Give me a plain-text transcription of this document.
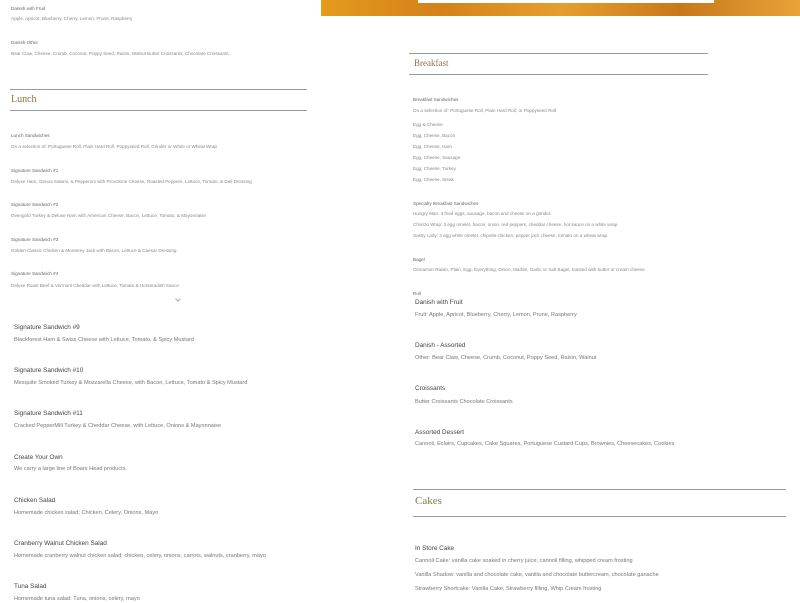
Danish with Fruit
Apple, Apricot, Blueberry, Cherry, Lemon, Prune, Raspberry
Danish Other
Bear Claw, Cheese, Crumb, Coconut, Poppy Seed, Raisin, Walnut Butter Croissants, Chocolate Croissants
Lunch
Lunch Sandwiches
On a selection of: Portuguese Roll, Plain Hard Roll, Poppyseed Roll, Grinder or White or Wheat Wrap
Signature Sandwich #1
Deluxe Ham, Genoa Salami, & Pepperoni with Provolone Cheese, Roasted Peppers, Lettuce, Tomato, & Deli Dressing
Signature Sandwich #2
Ovengold Turkey & Deluxe Ham with American Cheese, Bacon, Lettuce, Tomato, & Mayonnaise
Signature Sandwich #3
Golden Classic Chicken & Monterey Jack with Bacon, Lettuce & Caesar Dressing
Signature Sandwich #4
Deluxe Roast Beef & Vermont Cheddar with Lettuce, Tomato & Horseradish Sauce
Signature Sandwich #9
Blackforest Ham & Swiss Cheese with Lettuce, Tomato, & Spicy Mustard
Signature Sandwich #10
Mesquite Smoked Turkey & Mozzarella Cheese, with Bacon, Lettuce, Tomato & Spicy Mustard
Signature Sandwich #11
Cracked PepperMill Turkey & Cheddar Cheese, with Lettuce, Onions & Mayonnaise
Create Your Own
We carry a large line of Boars Head products.
Chicken Salad
Homemade chicken salad; Chicken, Celery, Onions, Mayo
Cranberry Walnut Chicken Salad
Homemade cranberry walnut chicken salad: chicken, celery, onions, carrots, walnuts, cranberry, mayo
Tuna Salad
Homemade tuna salad: Tuna, onions, celery, mayo
Breakfast
Breakfast Sandwiches
On a selection of: Portuguese Roll, Plain Hard Roll, or Poppyseed Roll
Egg & Cheese
Egg, Cheese, Bacon
Egg, Cheese, Ham
Egg, Cheese, Sausage
Egg, Cheese, Turkey
Egg, Cheese, Steak
Specialty Breakfast Sandwiches
Hungry Man: 3 fried eggs, sausage, bacon and cheese on a grinder.
Chorizo Wrap: 3 egg omelet, bacon, onion, red peppers, cheddar cheese, hot sauce on a white wrap.
Sassy Lady: 3 egg white omelet, chipotle chicken, pepper jack cheese, tomato on a wheat wrap.
Bagel
Cinnamon Raisin, Plain, Egg, Everything, Onion, Marble, Garlic or Salt Bagel, toasted with butter or cream cheese
Roll
Danish with Fruit
Fruit: Apple, Apricot, Blueberry, Cherry, Lemon, Prune, Raspberry
Danish - Assorted
Other: Bear Claw, Cheese, Crumb, Coconut, Poppy Seed, Raisin, Walnut
Croissants
Butter Croissants Chocolate Croissants
Assorted Dessert
Cannoli, Eclairs, Cupcakes, Cake Squares, Portuguese Custard Cups, Brownies, Cheesecakes, Cookies
Cakes
In Store Cake
Cannoli Cake: vanilla cake soaked in cherry juice, cannoli filling, whipped cream frosting
Vanilla Shadow: vanilla and chocolate cake, vanilla and chocolate buttercream, chocolate ganache
Strawberry Shortcake: Vanilla Cake, Strawberry filling, Whip Cream frosting
